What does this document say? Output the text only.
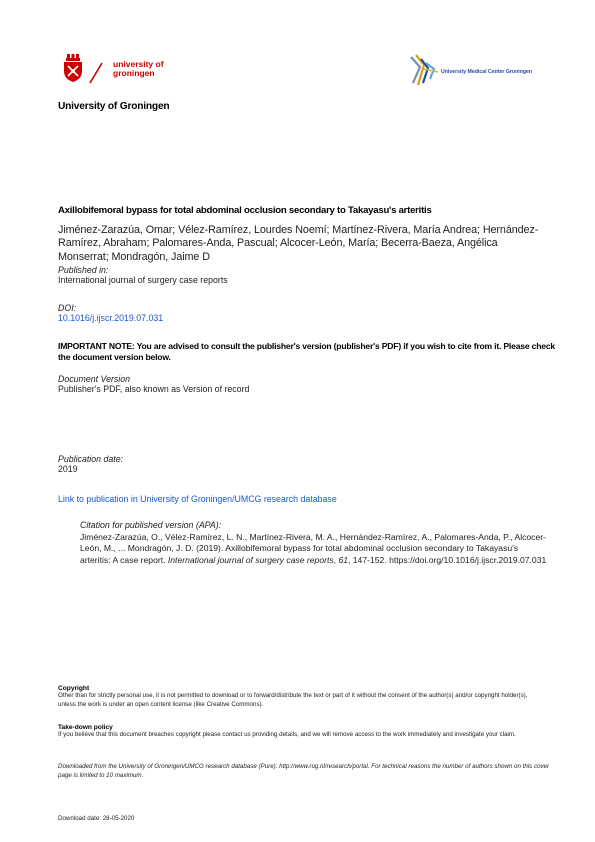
university of
groningen	University Medical Center Groningen
University of Groningen
Axillobifemoral bypass for total abdominal occlusion secondary to Takayasu's arteritis
Jiménez-Zarazúa, Omar; Vélez-Ramírez, Lourdes Noemí; Martínez-Rivera, María Andrea; Hernández-Ramírez, Abraham; Palomares-Anda, Pascual; Alcocer-León, María; Becerra-Baeza, Angélica Monserrat; Mondragón, Jaime D
Published in:
International journal of surgery case reports
DOI:
10.1016/j.ijscr.2019.07.031
IMPORTANT NOTE: You are advised to consult the publisher's version (publisher's PDF) if you wish to cite from it. Please check the document version below.
Document Version
Publisher's PDF, also known as Version of record
Publication date:
2019
Link to publication in University of Groningen/UMCG research database
Citation for published version (APA):
Jiménez-Zarazúa, O., Vélez-Ramírez, L. N., Martínez-Rivera, M. A., Hernández-Ramírez, A., Palomares-Anda, P., Alcocer-León, M., ... Mondragón, J. D. (2019). Axillobifemoral bypass for total abdominal occlusion secondary to Takayasu's arteritis: A case report. International journal of surgery case reports, 61, 147-152. https://doi.org/10.1016/j.ijscr.2019.07.031
Copyright
Other than for strictly personal use, it is not permitted to download or to forward/distribute the text or part of it without the consent of the author(s) and/or copyright holder(s), unless the work is under an open content license (like Creative Commons).
Take-down policy
If you believe that this document breaches copyright please contact us providing details, and we will remove access to the work immediately and investigate your claim.
Downloaded from the University of Groningen/UMCG research database (Pure): http://www.rug.nl/research/portal. For technical reasons the number of authors shown on this cover page is limited to 10 maximum.
Download date: 28-05-2020
